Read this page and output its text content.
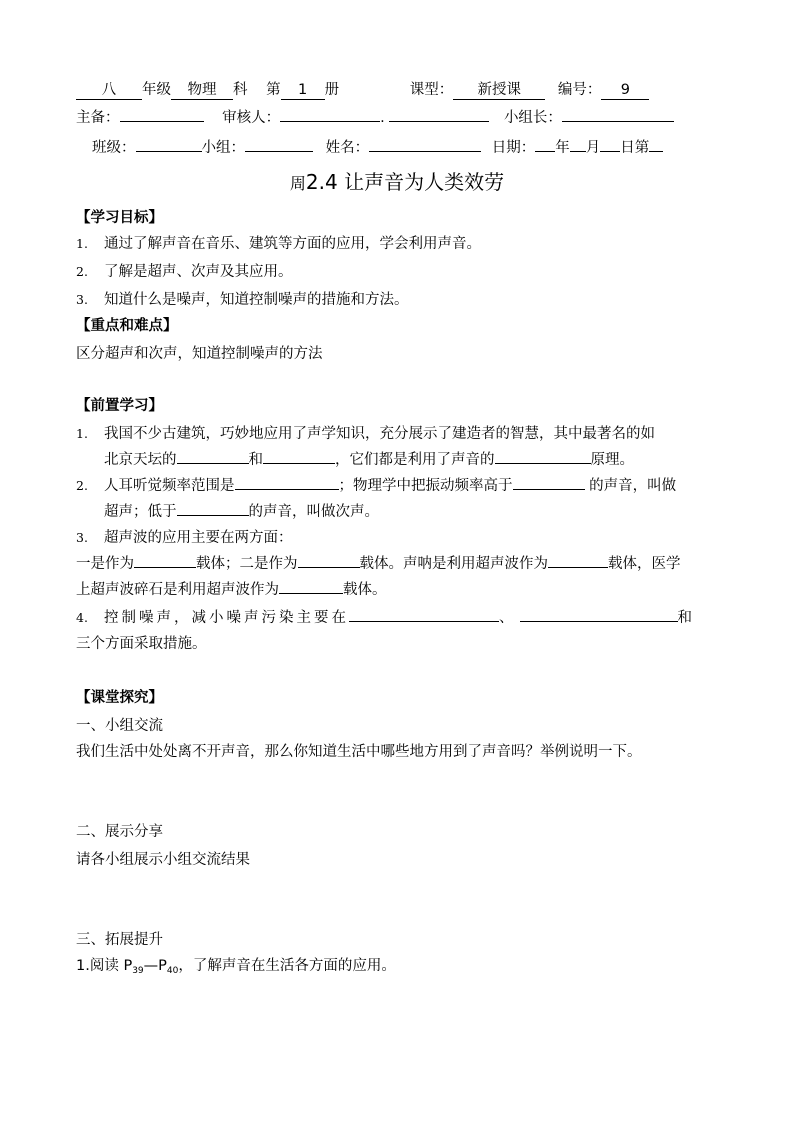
八 年级 物理 科 第 1 册	课型： 新授课	编号： 9
主备：	审核人：	.	小组长：
班级：	小组：	姓名：	日期： 年 月 日第
周2.4 让声音为人类效劳
【学习目标】
1. 通过了解声音在音乐、建筑等方面的应用，学会利用声音。
2. 了解是超声、次声及其应用。
3. 知道什么是噪声，知道控制噪声的措施和方法。
【重点和难点】
区分超声和次声，知道控制噪声的方法
【前置学习】
1. 我国不少古建筑，巧妙地应用了声学知识，充分展示了建造者的智慧，其中最著名的如
北京天坛的	和	，它们都是利用了声音的	原理。
2. 人耳听觉频率范围是	；物理学中把振动频率高于	的声音，叫做
超声；低于	的声音，叫做次声。
3. 超声波的应用主要在两方面：
一是作为	载体；二是作为	载体。声呐是利用超声波作为	载体，医学
上超声波碎石是利用超声波作为	载体。
4. 控制噪声，减小噪声污染主要在	、	和
三个方面采取措施。
【课堂探究】
一、小组交流
我们生活中处处离不开声音，那么你知道生活中哪些地方用到了声音吗？举例说明一下。
二、展示分享
请各小组展示小组交流结果
三、拓展提升
1.阅读 $P_{39}—P_{40}$，了解声音在生活各方面的应用。
